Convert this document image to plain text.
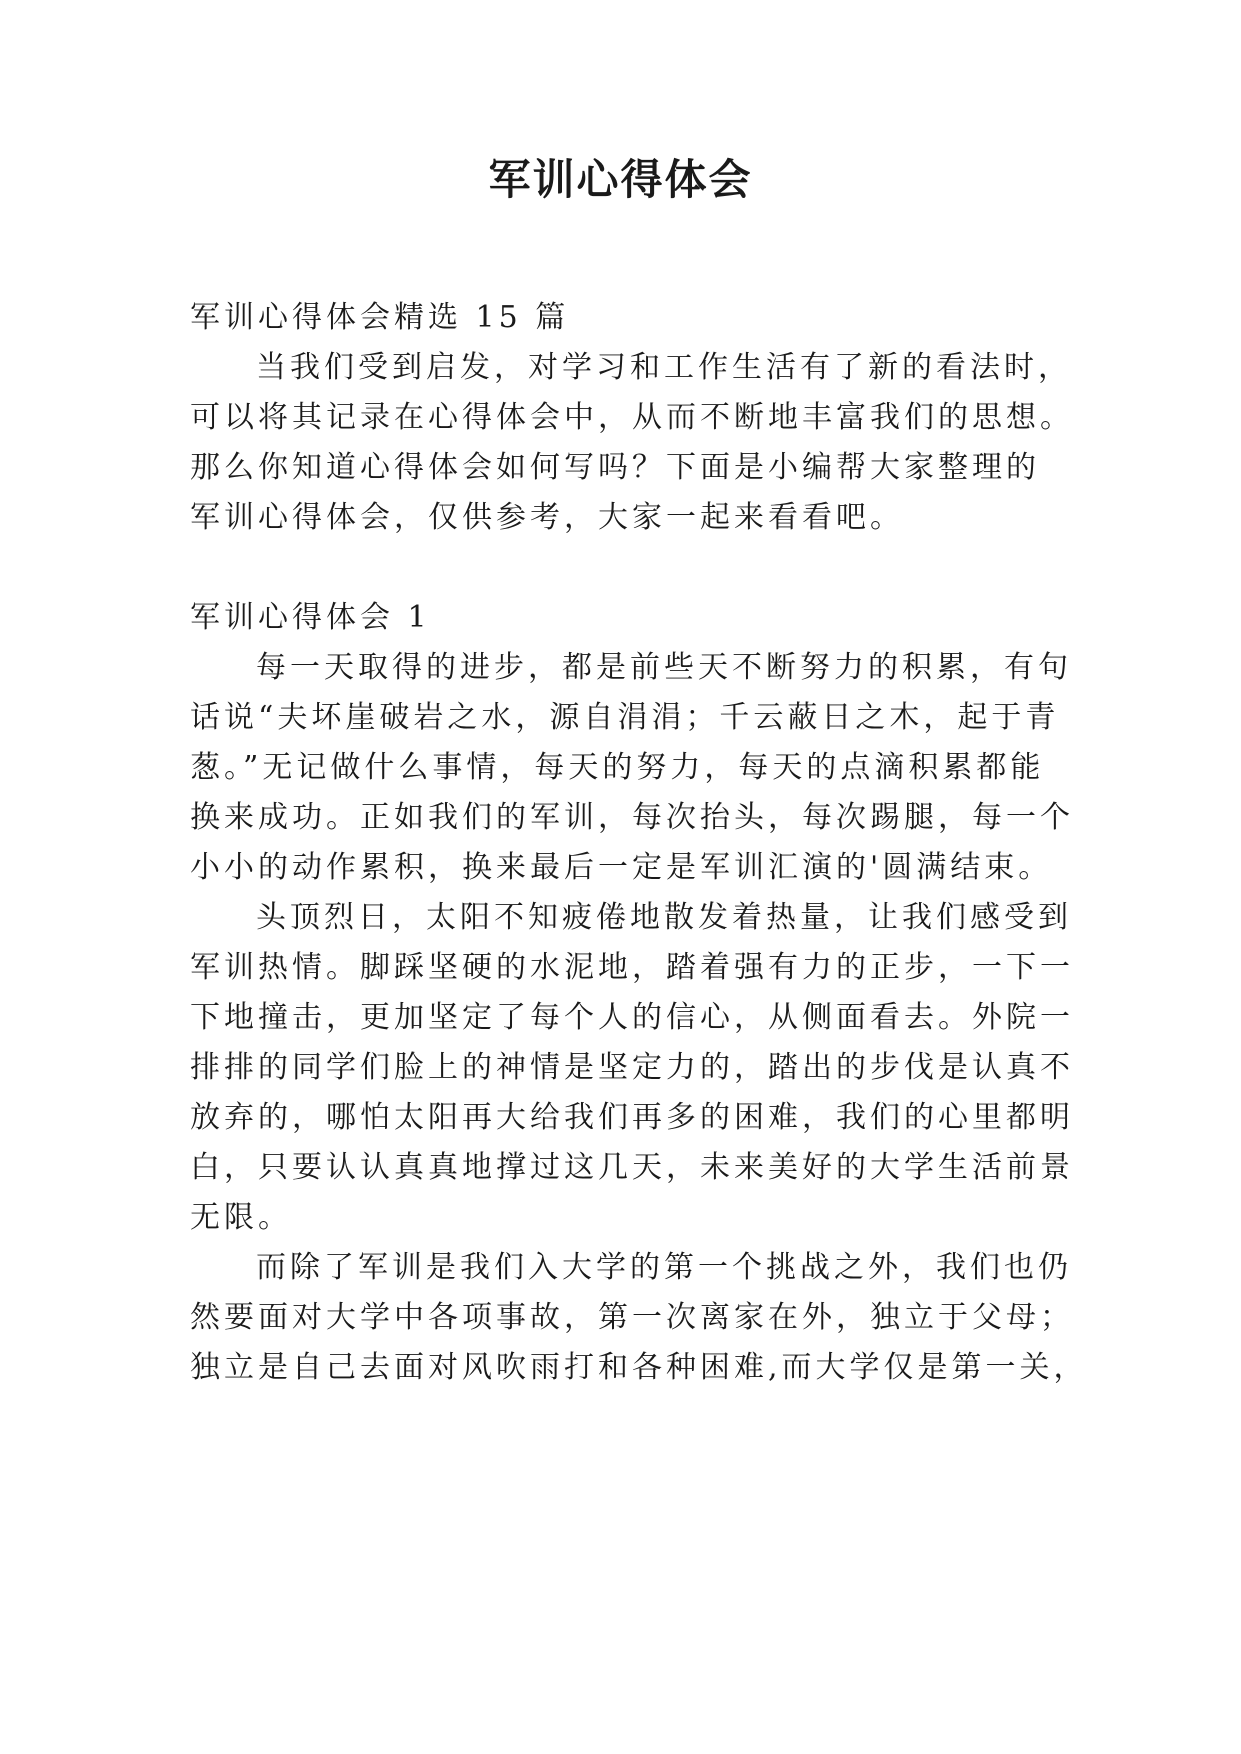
军训心得体会
军训心得体会精选 15 篇
当我们受到启发，对学习和工作生活有了新的看法时，
可以将其记录在心得体会中，从而不断地丰富我们的思想。
那么你知道心得体会如何写吗？下面是小编帮大家整理的
军训心得体会，仅供参考，大家一起来看看吧。
军训心得体会 1
每一天取得的进步，都是前些天不断努力的积累，有句
话说“夫坏崖破岩之水，源自涓涓；千云蔽日之木，起于青
葱。”无记做什么事情，每天的努力，每天的点滴积累都能
换来成功。正如我们的军训，每次抬头，每次踢腿，每一个
小小的动作累积，换来最后一定是军训汇演的'圆满结束。
头顶烈日，太阳不知疲倦地散发着热量，让我们感受到
军训热情。脚踩坚硬的水泥地，踏着强有力的正步，一下一
下地撞击，更加坚定了每个人的信心，从侧面看去。外院一
排排的同学们脸上的神情是坚定力的，踏出的步伐是认真不
放弃的，哪怕太阳再大给我们再多的困难，我们的心里都明
白，只要认认真真地撑过这几天，未来美好的大学生活前景
无限。
而除了军训是我们入大学的第一个挑战之外，我们也仍
然要面对大学中各项事故，第一次离家在外，独立于父母；
独立是自己去面对风吹雨打和各种困难,而大学仅是第一关，
